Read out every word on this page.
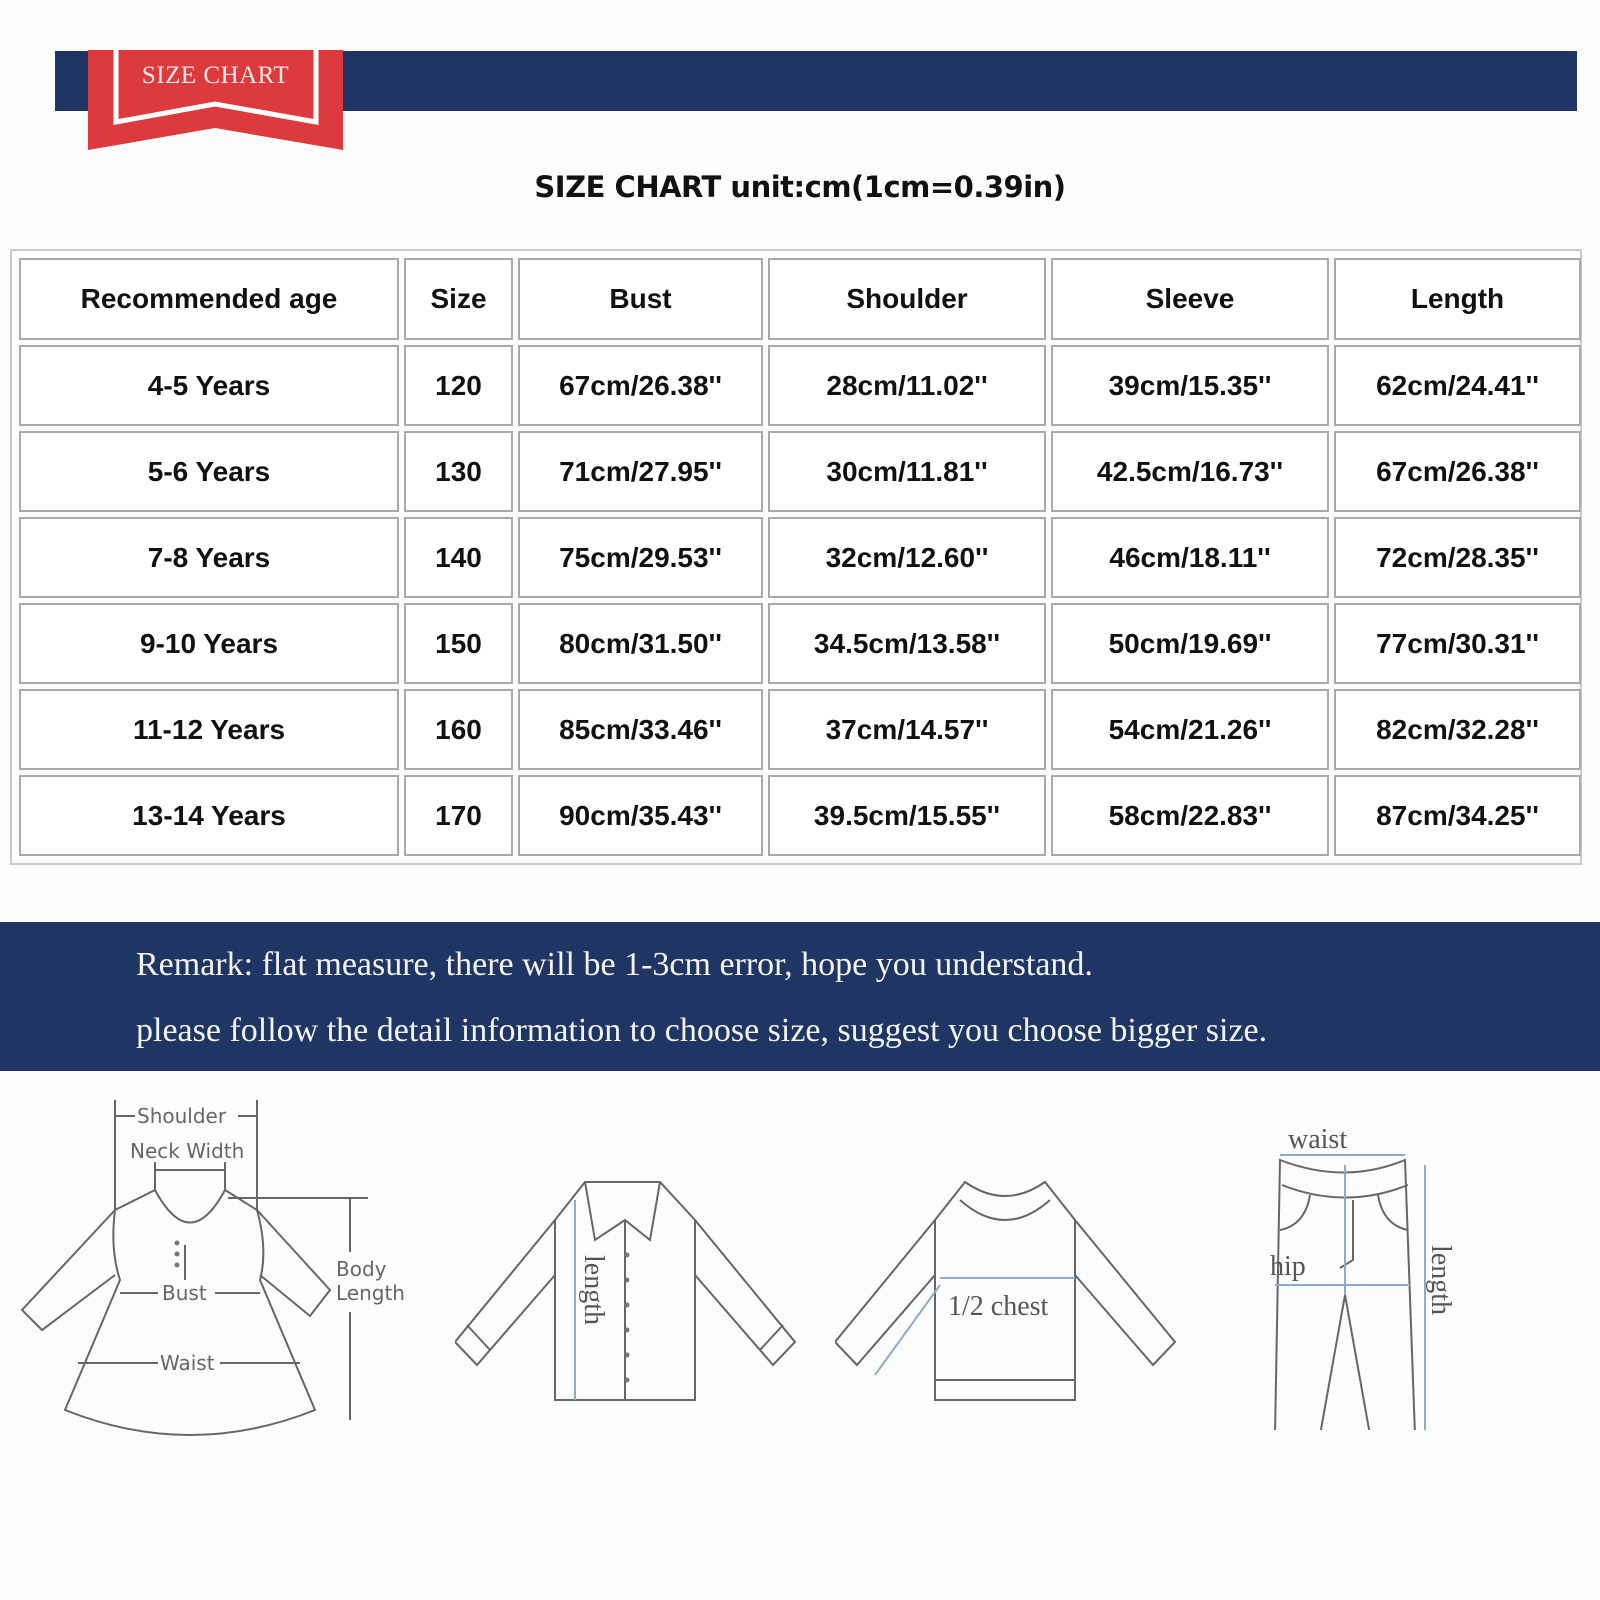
SIZE CHART
SIZE CHART unit:cm(1cm=0.39in)
Recommended age	Size	Bust	Shoulder	Sleeve	Length
4-5 Years	120	67cm/26.38''	28cm/11.02''	39cm/15.35''	62cm/24.41''
5-6 Years	130	71cm/27.95''	30cm/11.81''	42.5cm/16.73''	67cm/26.38''
7-8 Years	140	75cm/29.53''	32cm/12.60''	46cm/18.11''	72cm/28.35''
9-10 Years	150	80cm/31.50''	34.5cm/13.58''	50cm/19.69''	77cm/30.31''
11-12 Years	160	85cm/33.46''	37cm/14.57''	54cm/21.26''	82cm/32.28''
13-14 Years	170	90cm/35.43''	39.5cm/15.55''	58cm/22.83''	87cm/34.25''
Remark: flat measure, there will be 1-3cm error, hope you understand.
please follow the detail information to choose size, suggest you choose bigger size.
Shoulder
Neck Width
Bust
Waist
Body
Length	length	1/2 chest
waist
hip	length
